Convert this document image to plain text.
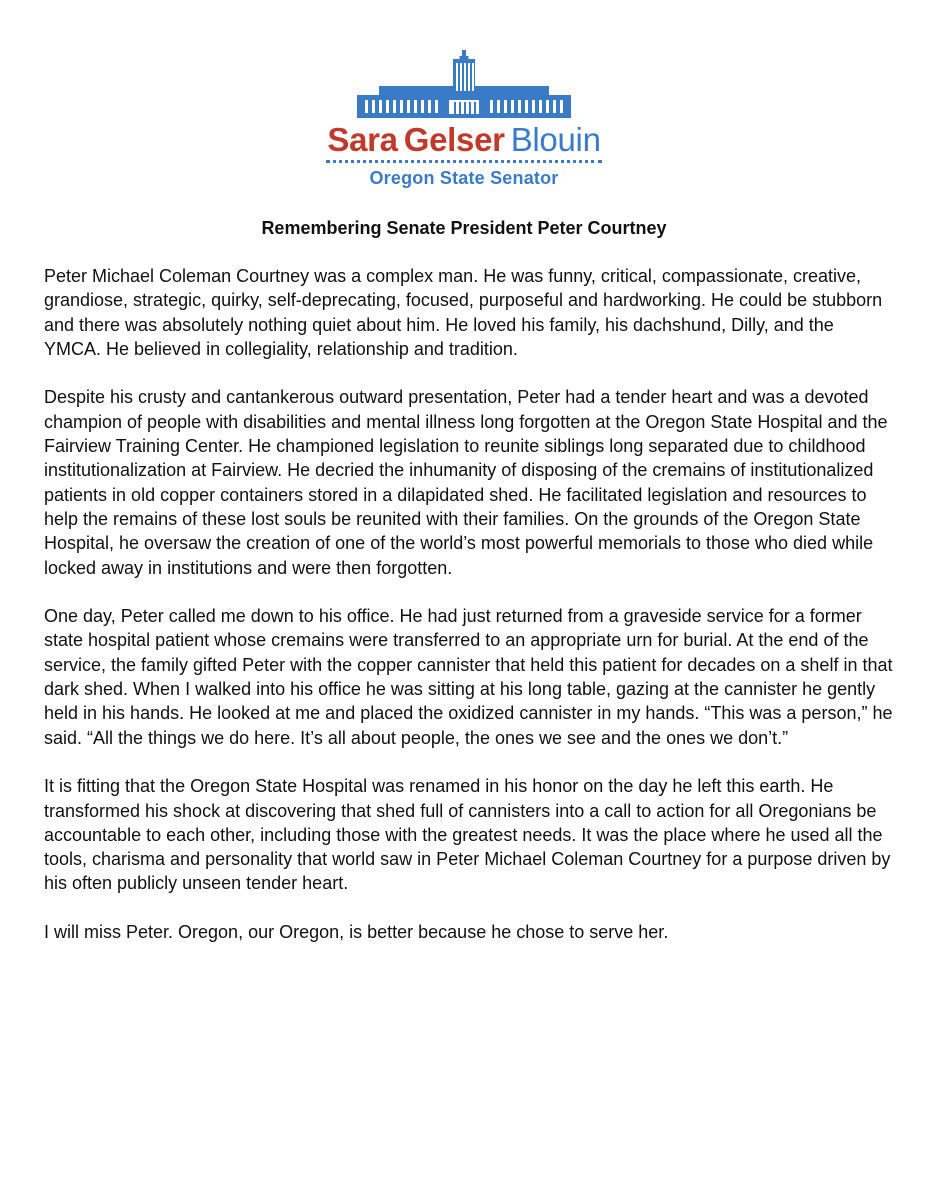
Sara Gelser Blouin
Oregon State Senator
Remembering Senate President Peter Courtney

Peter Michael Coleman Courtney was a complex man. He was funny, critical, compassionate, creative, grandiose, strategic, quirky, self-deprecating, focused, purposeful and hardworking. He could be stubborn and there was absolutely nothing quiet about him. He loved his family, his dachshund, Dilly, and the YMCA. He believed in collegiality, relationship and tradition.

Despite his crusty and cantankerous outward presentation, Peter had a tender heart and was a devoted champion of people with disabilities and mental illness long forgotten at the Oregon State Hospital and the Fairview Training Center. He championed legislation to reunite siblings long separated due to childhood institutionalization at Fairview. He decried the inhumanity of disposing of the cremains of institutionalized patients in old copper containers stored in a dilapidated shed. He facilitated legislation and resources to help the remains of these lost souls be reunited with their families. On the grounds of the Oregon State Hospital, he oversaw the creation of one of the world’s most powerful memorials to those who died while locked away in institutions and were then forgotten.

One day, Peter called me down to his office. He had just returned from a graveside service for a former state hospital patient whose cremains were transferred to an appropriate urn for burial. At the end of the service, the family gifted Peter with the copper cannister that held this patient for decades on a shelf in that dark shed. When I walked into his office he was sitting at his long table, gazing at the cannister he gently held in his hands. He looked at me and placed the oxidized cannister in my hands. “This was a person,” he said. “All the things we do here. It’s all about people, the ones we see and the ones we don’t.”

It is fitting that the Oregon State Hospital was renamed in his honor on the day he left this earth. He transformed his shock at discovering that shed full of cannisters into a call to action for all Oregonians be accountable to each other, including those with the greatest needs. It was the place where he used all the tools, charisma and personality that world saw in Peter Michael Coleman Courtney for a purpose driven by his often publicly unseen tender heart.

I will miss Peter. Oregon, our Oregon, is better because he chose to serve her.
